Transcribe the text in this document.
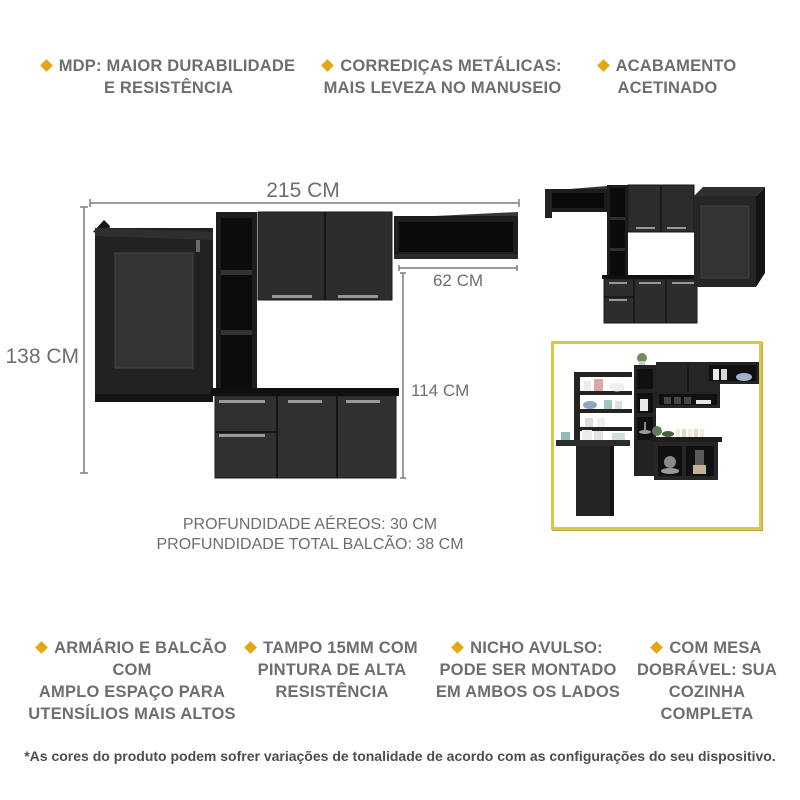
MDP: MAIOR DURABILIDADE
E RESISTÊNCIA
CORREDIÇAS METÁLICAS:
MAIS LEVEZA NO MANUSEIO
ACABAMENTO
ACETINADO
215 CM
138 CM
62 CM
114 CM
PROFUNDIDADE AÉREOS: 30 CM
PROFUNDIDADE TOTAL BALCÃO: 38 CM
ARMÁRIO E BALCÃO COM
AMPLO ESPAÇO PARA
UTENSÍLIOS MAIS ALTOS
TAMPO 15MM COM
PINTURA DE ALTA
RESISTÊNCIA
NICHO AVULSO:
PODE SER MONTADO
EM AMBOS OS LADOS
COM MESA
DOBRÁVEL: SUA
COZINHA COMPLETA
*As cores do produto podem sofrer variações de tonalidade de acordo com as configurações do seu dispositivo.
